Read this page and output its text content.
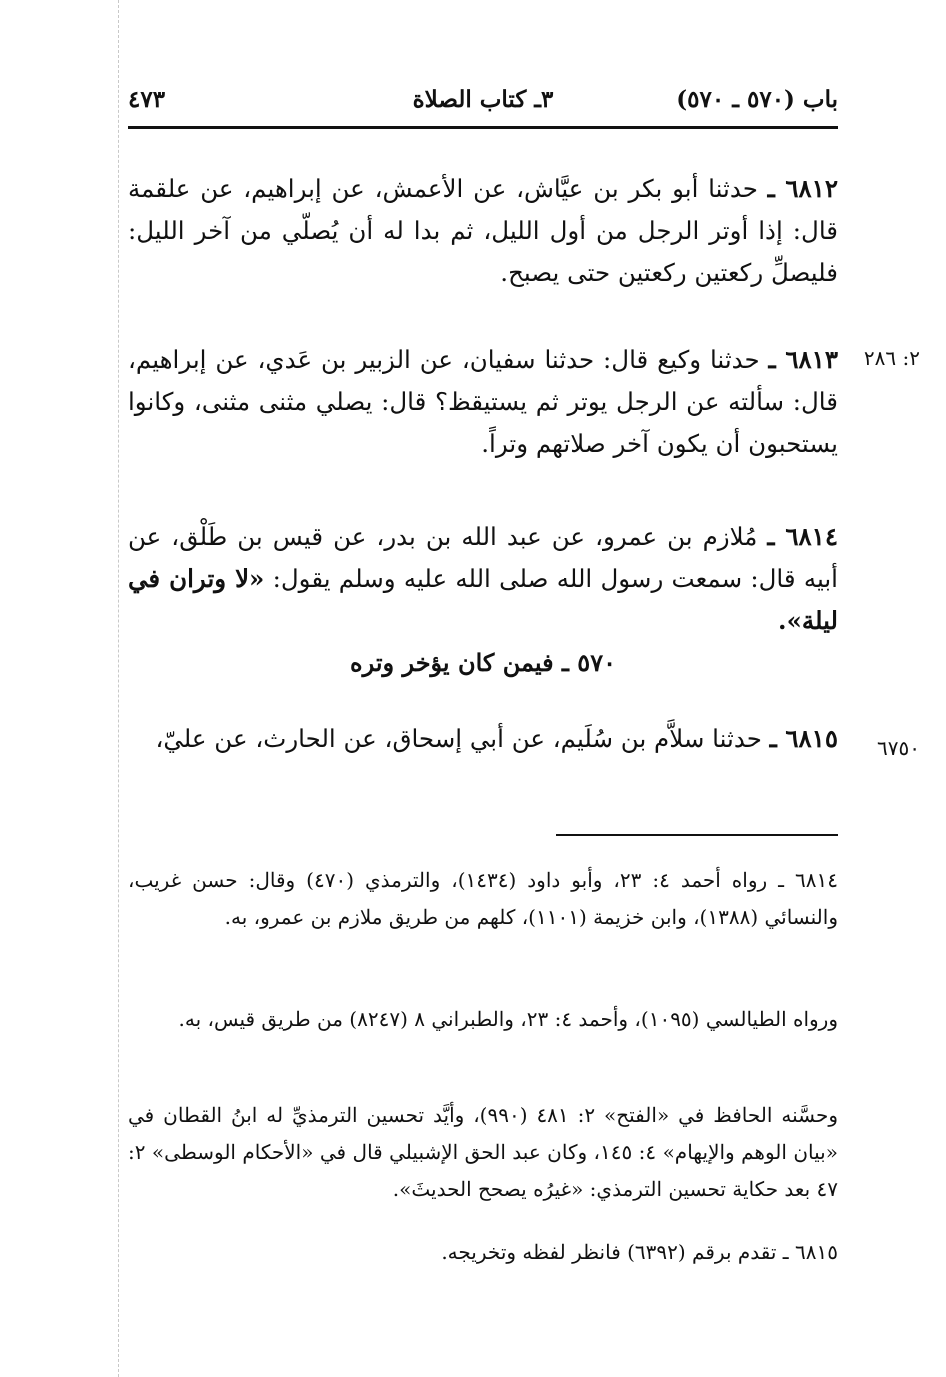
باب (٥٧٠ ـ ٥٧٠)
٣ـ كتاب الصلاة
٤٧٣
٦٨١٢ ـ حدثنا أبو بكر بن عيَّاش، عن الأعمش، عن إبراهيم، عن علقمة قال: إذا أوتر الرجل من أول الليل، ثم بدا له أن يُصلّي من آخر الليل: فليصلِّ ركعتين ركعتين حتى يصبح.
٢: ٢٨٦
٦٨١٣ ـ حدثنا وكيع قال: حدثنا سفيان، عن الزبير بن عَدي، عن إبراهيم، قال: سألته عن الرجل يوتر ثم يستيقظ؟ قال: يصلي مثنى مثنى، وكانوا يستحبون أن يكون آخر صلاتهم وتراً.
٦٨١٤ ـ مُلازم بن عمرو، عن عبد الله بن بدر، عن قيس بن طَلْق، عن أبيه قال: سمعت رسول الله صلى الله عليه وسلم يقول: «لا وتران في ليلة».
٥٧٠ ـ فيمن كان يؤخر وتره
٦٧٥٠
٦٨١٥ ـ حدثنا سلاَّم بن سُلَيم، عن أبي إسحاق، عن الحارث، عن عليّ،
٦٨١٤ ـ رواه أحمد ٤: ٢٣، وأبو داود (١٤٣٤)، والترمذي (٤٧٠) وقال: حسن غريب، والنسائي (١٣٨٨)، وابن خزيمة (١١٠١)، كلهم من طريق ملازم بن عمرو، به.
ورواه الطيالسي (١٠٩٥)، وأحمد ٤: ٢٣، والطبراني ٨ (٨٢٤٧) من طريق قيس، به.
وحسَّنه الحافظ في «الفتح» ٢: ٤٨١ (٩٩٠)، وأيَّد تحسين الترمذيِّ له ابنُ القطان في «بيان الوهم والإيهام» ٤: ١٤٥، وكان عبد الحق الإشبيلي قال في «الأحكام الوسطى» ٢: ٤٧ بعد حكاية تحسين الترمذي: «غيرُه يصحح الحديثَ».
٦٨١٥ ـ تقدم برقم (٦٣٩٢) فانظر لفظه وتخريجه.
